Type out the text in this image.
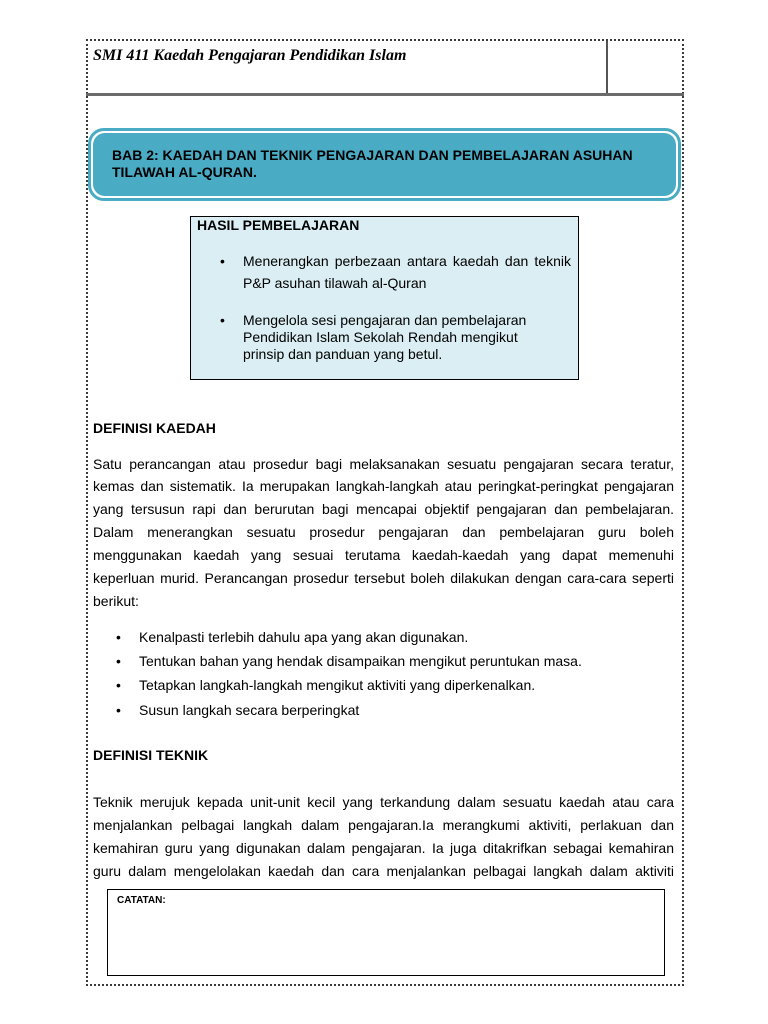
SMI 411 Kaedah Pengajaran Pendidikan Islam
BAB 2: KAEDAH DAN TEKNIK PENGAJARAN DAN PEMBELAJARAN ASUHAN TILAWAH AL-QURAN.
HASIL PEMBELAJARAN
•
Menerangkan perbezaan antara kaedah dan teknik
P&P asuhan tilawah al-Quran
•
Mengelola sesi pengajaran dan pembelajaran
Pendidikan Islam Sekolah Rendah mengikut
prinsip dan panduan yang betul.
DEFINISI KAEDAH
Satu perancangan atau prosedur bagi melaksanakan sesuatu pengajaran secara teratur,
kemas dan sistematik. Ia merupakan langkah-langkah atau peringkat-peringkat pengajaran
yang tersusun rapi dan berurutan bagi mencapai objektif pengajaran dan pembelajaran.
Dalam menerangkan sesuatu prosedur pengajaran dan pembelajaran guru boleh
menggunakan kaedah yang sesuai terutama kaedah-kaedah yang dapat memenuhi
keperluan murid. Perancangan prosedur tersebut boleh dilakukan dengan cara-cara seperti
berikut:
•
Kenalpasti terlebih dahulu apa yang akan digunakan.
•
Tentukan bahan yang hendak disampaikan mengikut peruntukan masa.
•
Tetapkan langkah-langkah mengikut aktiviti yang diperkenalkan.
•
Susun langkah secara berperingkat
DEFINISI TEKNIK
Teknik merujuk kepada unit-unit kecil yang terkandung dalam sesuatu kaedah atau cara
menjalankan pelbagai langkah dalam pengajaran.Ia merangkumi aktiviti, perlakuan dan
kemahiran guru yang digunakan dalam pengajaran. Ia juga ditakrifkan sebagai kemahiran
guru dalam mengelolakan kaedah dan cara menjalankan pelbagai langkah dalam aktiviti
CATATAN:
